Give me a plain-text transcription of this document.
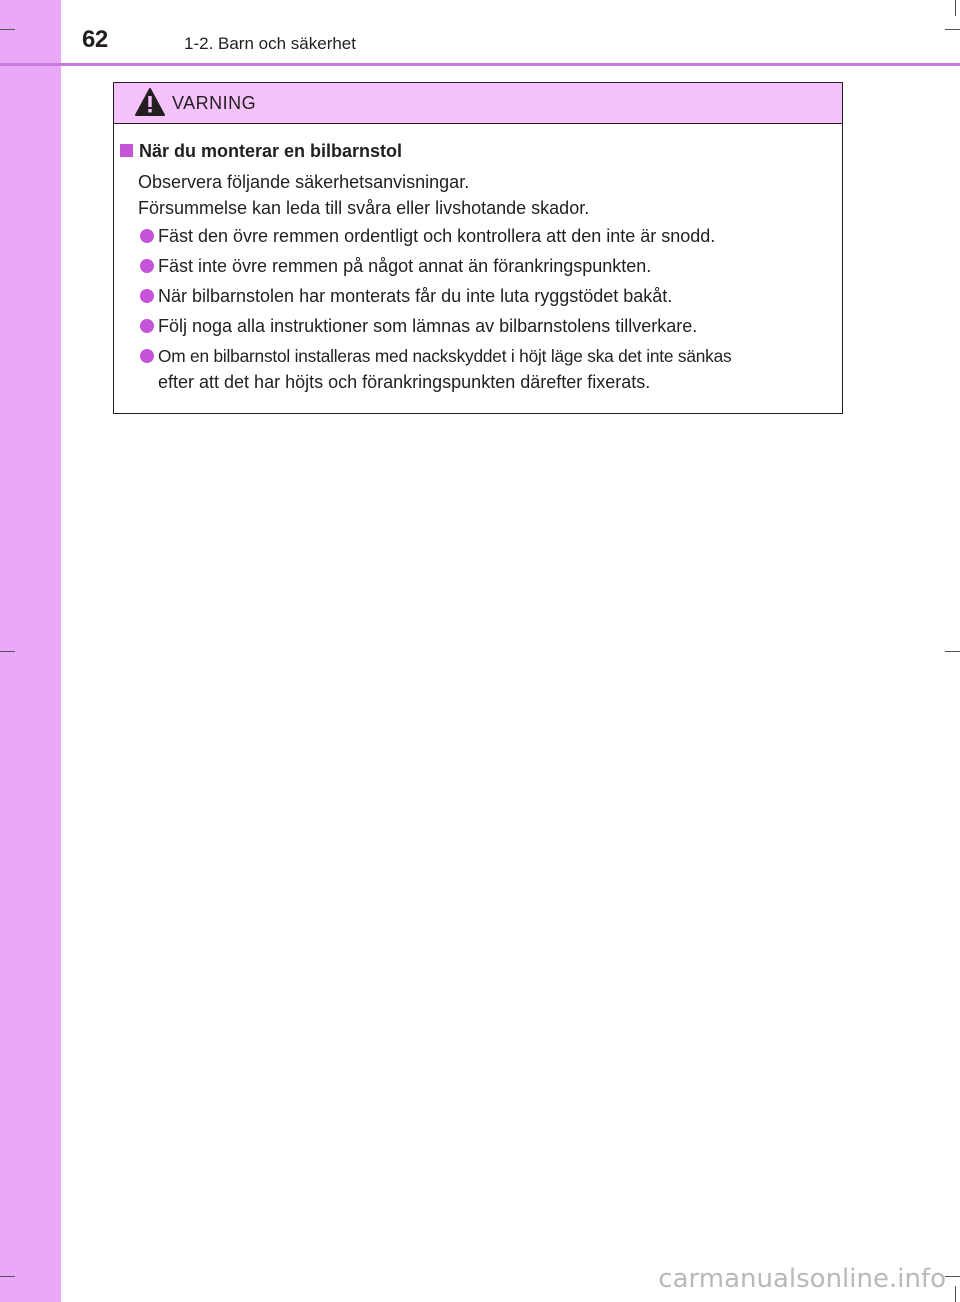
62	1-2. Barn och säkerhet
VARNING
När du monterar en bilbarnstol
Observera följande säkerhetsanvisningar.
Försummelse kan leda till svåra eller livshotande skador.
Fäst den övre remmen ordentligt och kontrollera att den inte är snodd.
Fäst inte övre remmen på något annat än förankringspunkten.
När bilbarnstolen har monterats får du inte luta ryggstödet bakåt.
Följ noga alla instruktioner som lämnas av bilbarnstolens tillverkare.
Om en bilbarnstol installeras med nackskyddet i höjt läge ska det inte sänkas
efter att det har höjts och förankringspunkten därefter fixerats.
carmanualsonline.info
